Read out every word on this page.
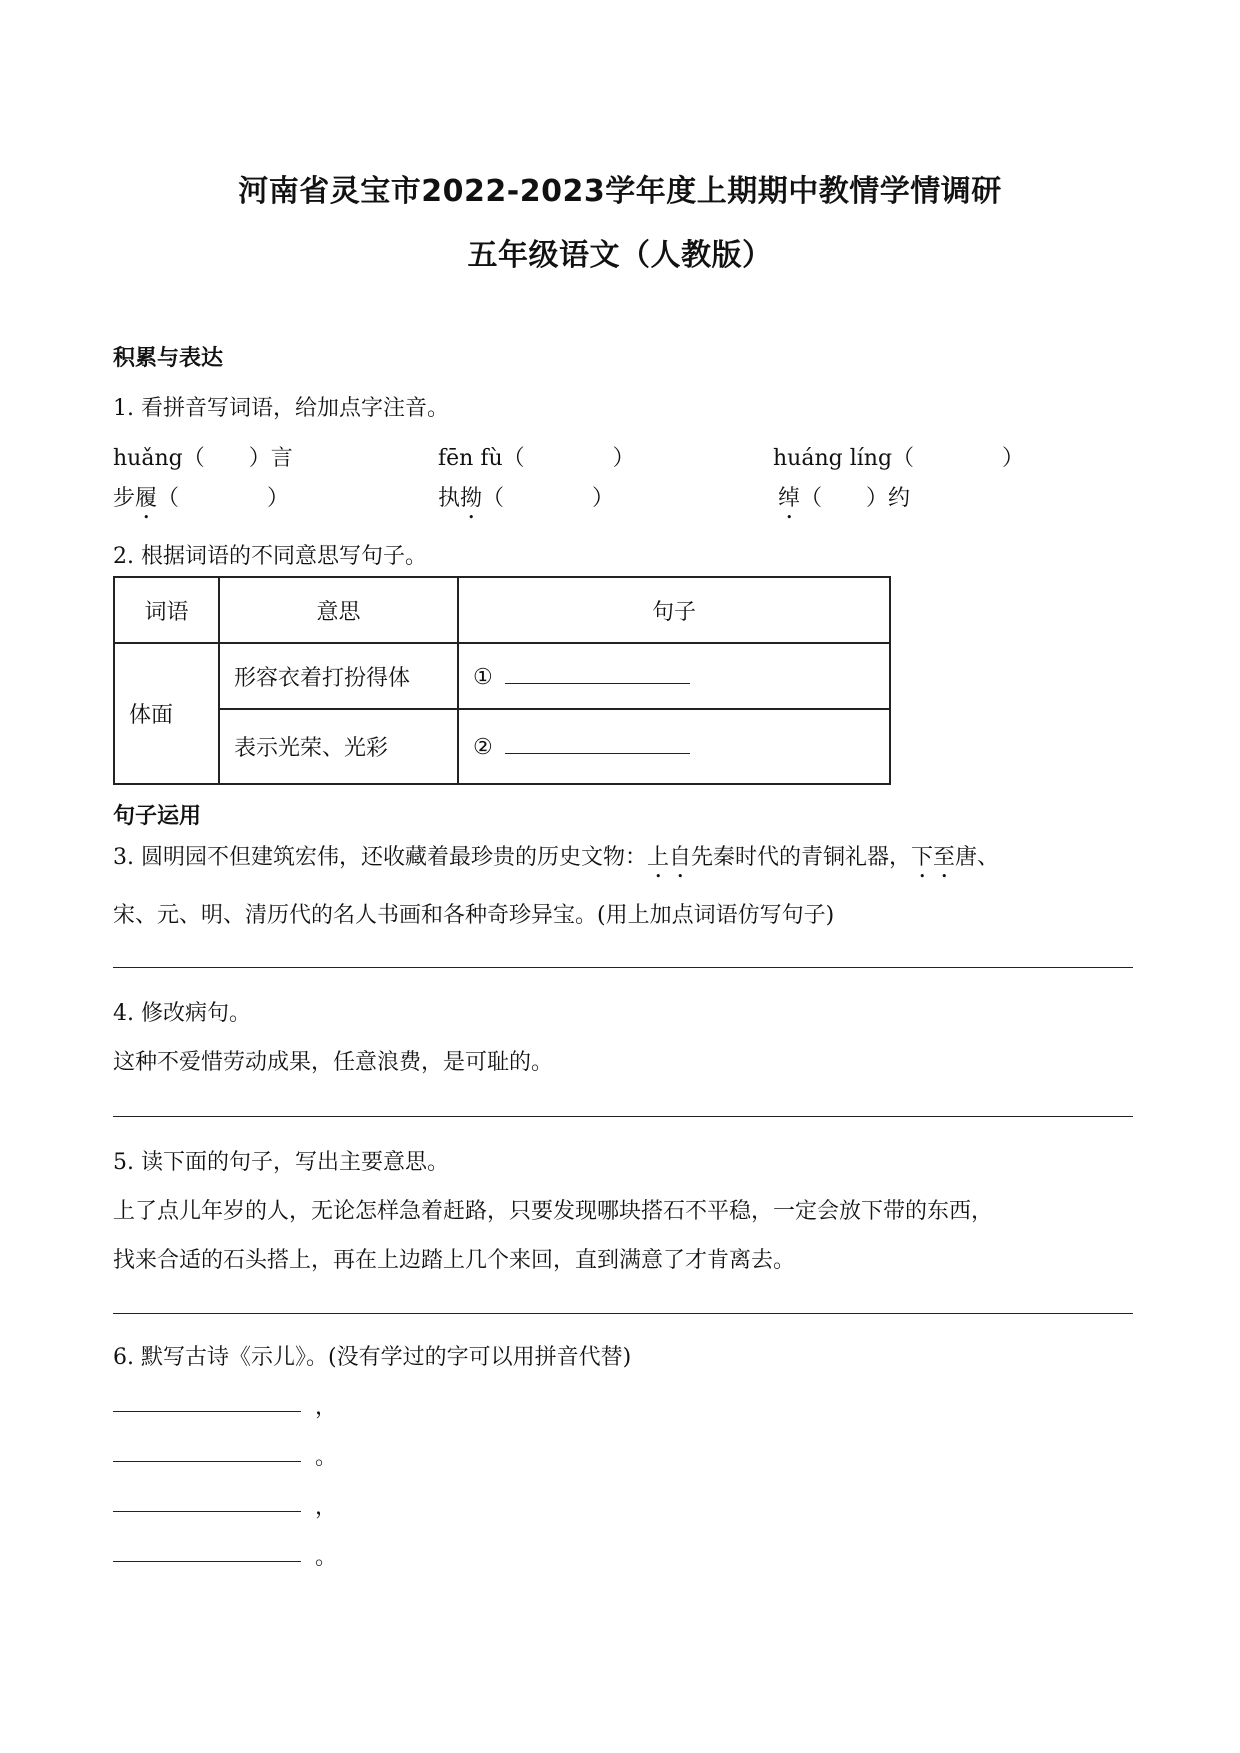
河南省灵宝市2022-2023学年度上期期中教情学情调研
五年级语文（人教版）
积累与表达
1. 看拼音写词语，给加点字注音。
huǎng（　　）言	fēn fù（　　　　）	huáng líng（　　　　）
步履（　　　　）	执拗（　　　　）	绰（　　）约
2. 根据词语的不同意思写句子。
词语	意思	句子
体面	形容衣着打扮得体	①
	表示光荣、光彩	②
句子运用
3. 圆明园不但建筑宏伟，还收藏着最珍贵的历史文物：上自先秦时代的青铜礼器，下至唐、
宋、元、明、清历代的名人书画和各种奇珍异宝。(用上加点词语仿写句子)
4. 修改病句。
这种不爱惜劳动成果，任意浪费，是可耻的。
5. 读下面的句子，写出主要意思。
上了点儿年岁的人，无论怎样急着赶路，只要发现哪块搭石不平稳，一定会放下带的东西，
找来合适的石头搭上，再在上边踏上几个来回，直到满意了才肯离去。
6. 默写古诗《示儿》。(没有学过的字可以用拼音代替)
，
。
，
。
